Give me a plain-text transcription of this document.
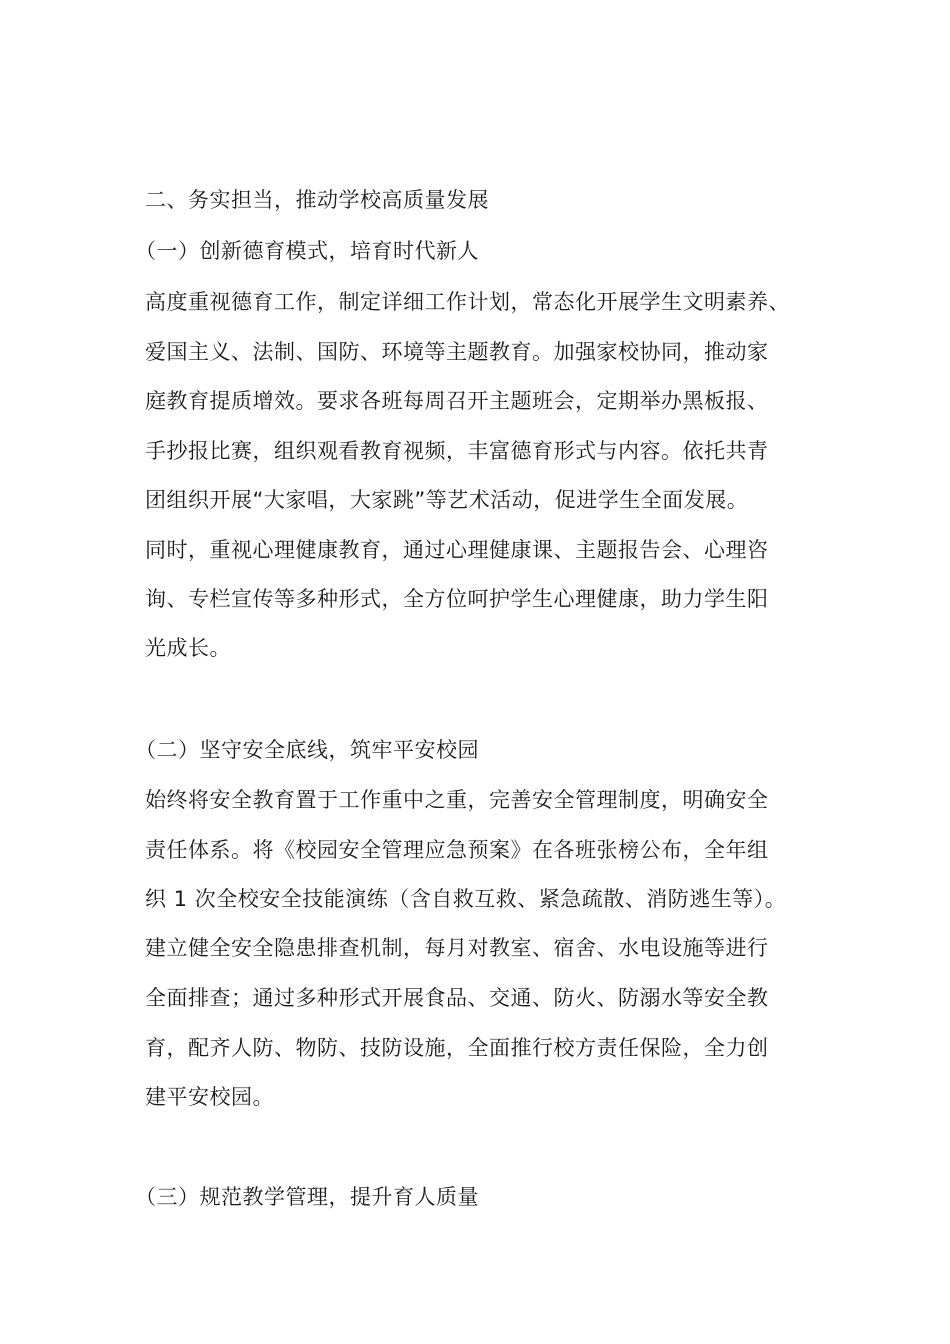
二、务实担当，推动学校高质量发展
（一）创新德育模式，培育时代新人
高度重视德育工作，制定详细工作计划，常态化开展学生文明素养、
爱国主义、法制、国防、环境等主题教育。加强家校协同，推动家
庭教育提质增效。要求各班每周召开主题班会，定期举办黑板报、
手抄报比赛，组织观看教育视频，丰富德育形式与内容。依托共青
团组织开展“大家唱，大家跳”等艺术活动，促进学生全面发展。
同时，重视心理健康教育，通过心理健康课、主题报告会、心理咨
询、专栏宣传等多种形式，全方位呵护学生心理健康，助力学生阳
光成长。
（二）坚守安全底线，筑牢平安校园
始终将安全教育置于工作重中之重，完善安全管理制度，明确安全
责任体系。将《校园安全管理应急预案》在各班张榜公布，全年组
织 1 次全校安全技能演练（含自救互救、紧急疏散、消防逃生等）。
建立健全安全隐患排查机制，每月对教室、宿舍、水电设施等进行
全面排查；通过多种形式开展食品、交通、防火、防溺水等安全教
育，配齐人防、物防、技防设施，全面推行校方责任保险，全力创
建平安校园。
（三）规范教学管理，提升育人质量
